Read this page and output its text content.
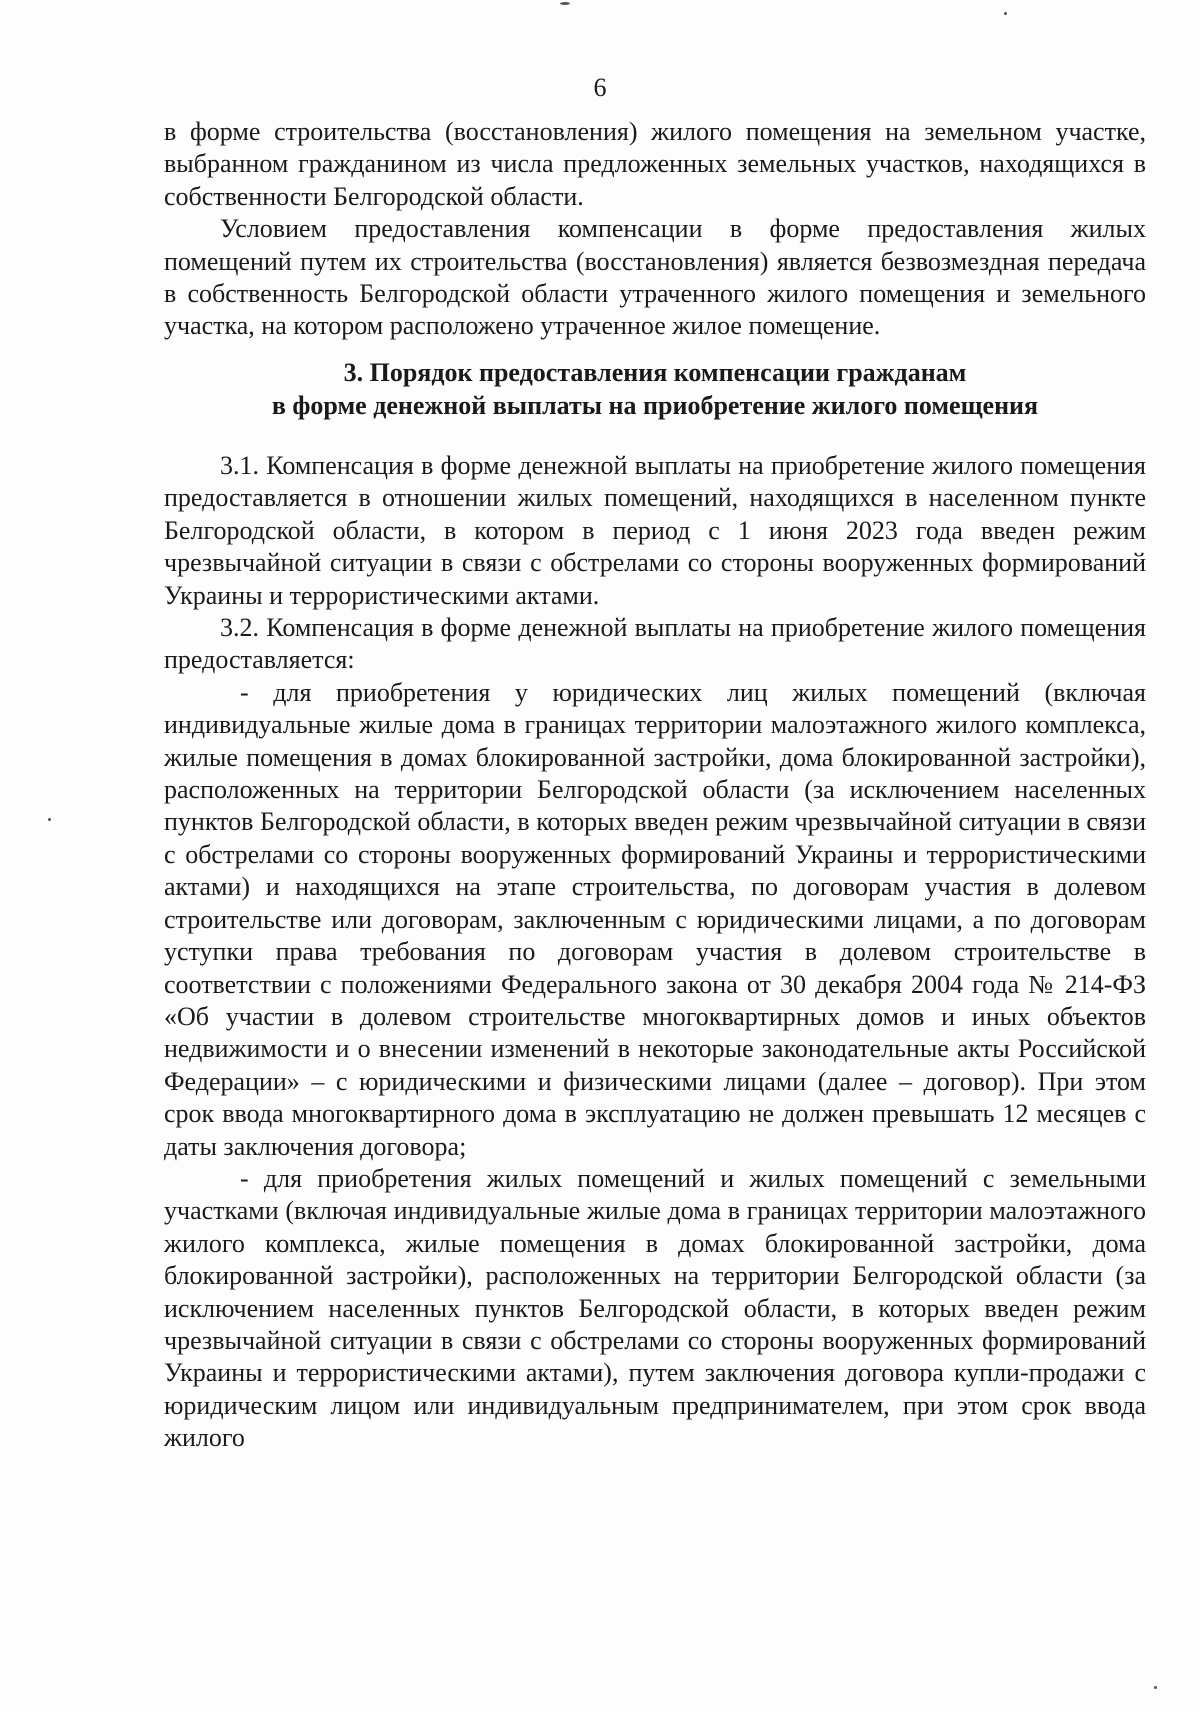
6

в форме строительства (восстановления) жилого помещения на земельном участке, выбранном гражданином из числа предложенных земельных участков, находящихся в собственности Белгородской области.

Условием предоставления компенсации в форме предоставления жилых помещений путем их строительства (восстановления) является безвозмездная передача в собственность Белгородской области утраченного жилого помещения и земельного участка, на котором расположено утраченное жилое помещение.

3. Порядок предоставления компенсации гражданам
в форме денежной выплаты на приобретение жилого помещения

3.1. Компенсация в форме денежной выплаты на приобретение жилого помещения предоставляется в отношении жилых помещений, находящихся в населенном пункте Белгородской области, в котором в период с 1 июня 2023 года введен режим чрезвычайной ситуации в связи с обстрелами со стороны вооруженных формирований Украины и террористическими актами.

3.2. Компенсация в форме денежной выплаты на приобретение жилого помещения предоставляется:

- для приобретения у юридических лиц жилых помещений (включая индивидуальные жилые дома в границах территории малоэтажного жилого комплекса, жилые помещения в домах блокированной застройки, дома блокированной застройки), расположенных на территории Белгородской области (за исключением населенных пунктов Белгородской области, в которых введен режим чрезвычайной ситуации в связи с обстрелами со стороны вооруженных формирований Украины и террористическими актами) и находящихся на этапе строительства, по договорам участия в долевом строительстве или договорам, заключенным с юридическими лицами, а по договорам уступки права требования по договорам участия в долевом строительстве в соответствии с положениями Федерального закона от 30 декабря 2004 года № 214-ФЗ «Об участии в долевом строительстве многоквартирных домов и иных объектов недвижимости и о внесении изменений в некоторые законодательные акты Российской Федерации» – с юридическими и физическими лицами (далее – договор). При этом срок ввода многоквартирного дома в эксплуатацию не должен превышать 12 месяцев с даты заключения договора;

- для приобретения жилых помещений и жилых помещений с земельными участками (включая индивидуальные жилые дома в границах территории малоэтажного жилого комплекса, жилые помещения в домах блокированной застройки, дома блокированной застройки), расположенных на территории Белгородской области (за исключением населенных пунктов Белгородской области, в которых введен режим чрезвычайной ситуации в связи с обстрелами со стороны вооруженных формирований Украины и террористическими актами), путем заключения договора купли-продажи с юридическим лицом или индивидуальным предпринимателем, при этом срок ввода жилого
